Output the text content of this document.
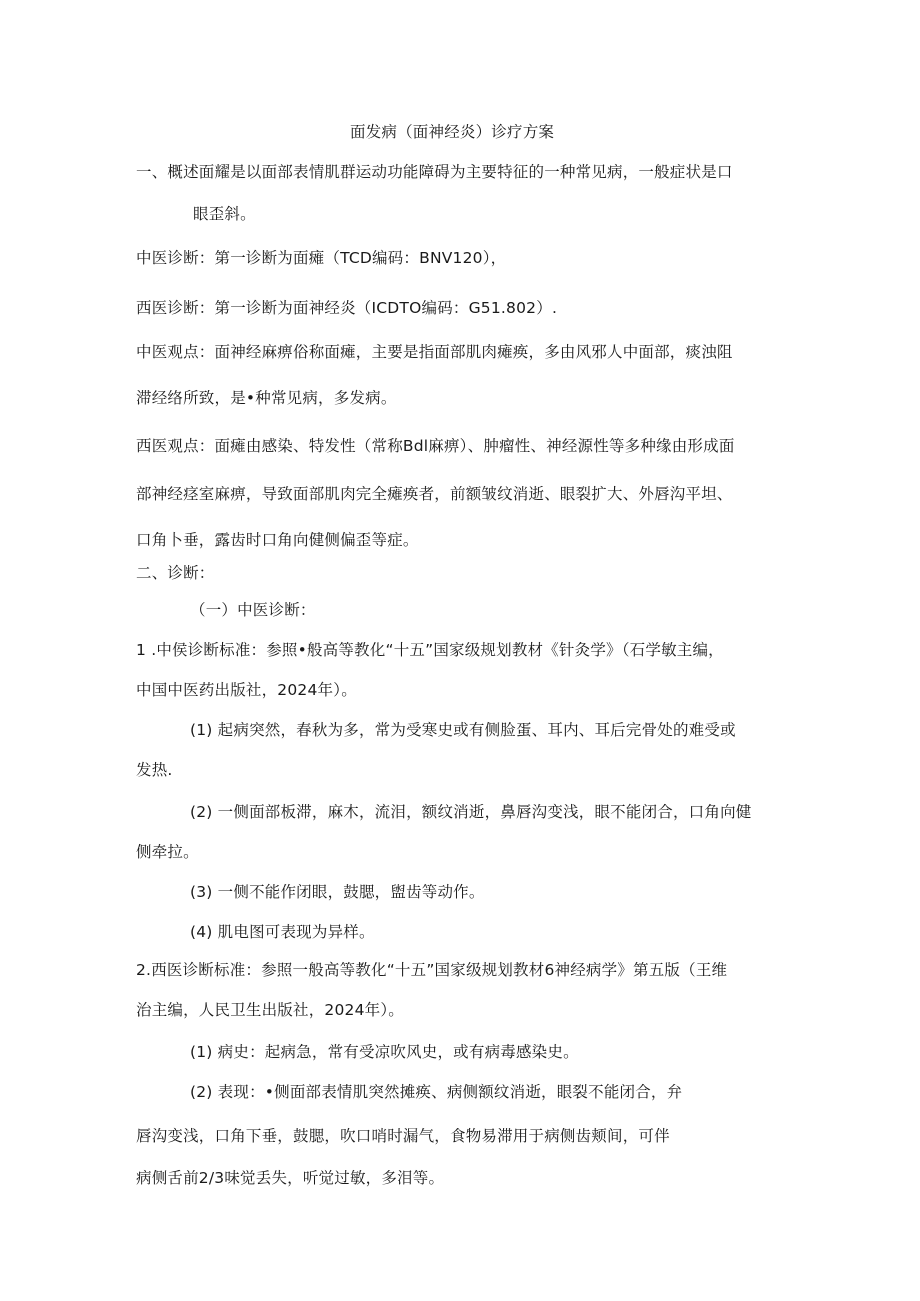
面发病（面神经炎）诊疗方案
一、概述面耀是以面部表情肌群运动功能障碍为主要特征的一种常见病，一般症状是口
眼歪斜。
中医诊断：第一诊断为面瘫（TCD编码：BNV120），
西医诊断：第一诊断为面神经炎（ICDTO编码：G51.802）.
中医观点：面神经麻痹俗称面瘫，主要是指面部肌肉瘫痪，多由风邪人中面部，痰浊阻
滞经络所致，是•种常见病，多发病。
西医观点：面瘫由感染、特发性（常称Bdl麻痹）、肿瘤性、神经源性等多种缘由形成面
部神经痉室麻痹，导致面部肌肉完全瘫痪者，前额皱纹消逝、眼裂扩大、外唇沟平坦、
口角卜垂，露齿时口角向健侧偏歪等症。
二、诊断：
（一）中医诊断：
1 .中侯诊断标准：参照•般高等教化“十五”国家级规划教材《针灸学》（石学敏主编，
中国中医药出版社，2024年）。
(1) 起病突然，春秋为多，常为受寒史或有侧脸蛋、耳内、耳后完骨处的难受或
发热.
(2) 一侧面部板滞，麻木，流泪，额纹消逝，鼻唇沟变浅，眼不能闭合，口角向健
侧牵拉。
(3) 一侧不能作闭眼，鼓腮，盥齿等动作。
(4) 肌电图可表现为异样。
2.西医诊断标准：参照一般高等教化“十五”国家级规划教材6神经病学》第五版（王维
治主编，人民卫生出版社，2024年）。
(1) 病史：起病急，常有受凉吹风史，或有病毒感染史。
(2) 表现：•侧面部表情肌突然摊痪、病侧额纹消逝，眼裂不能闭合，弁
唇沟变浅，口角下垂，鼓腮，吹口哨时漏气，食物易滞用于病侧齿颊间，可伴
病侧舌前2/3味觉丢失，听觉过敏，多泪等。
